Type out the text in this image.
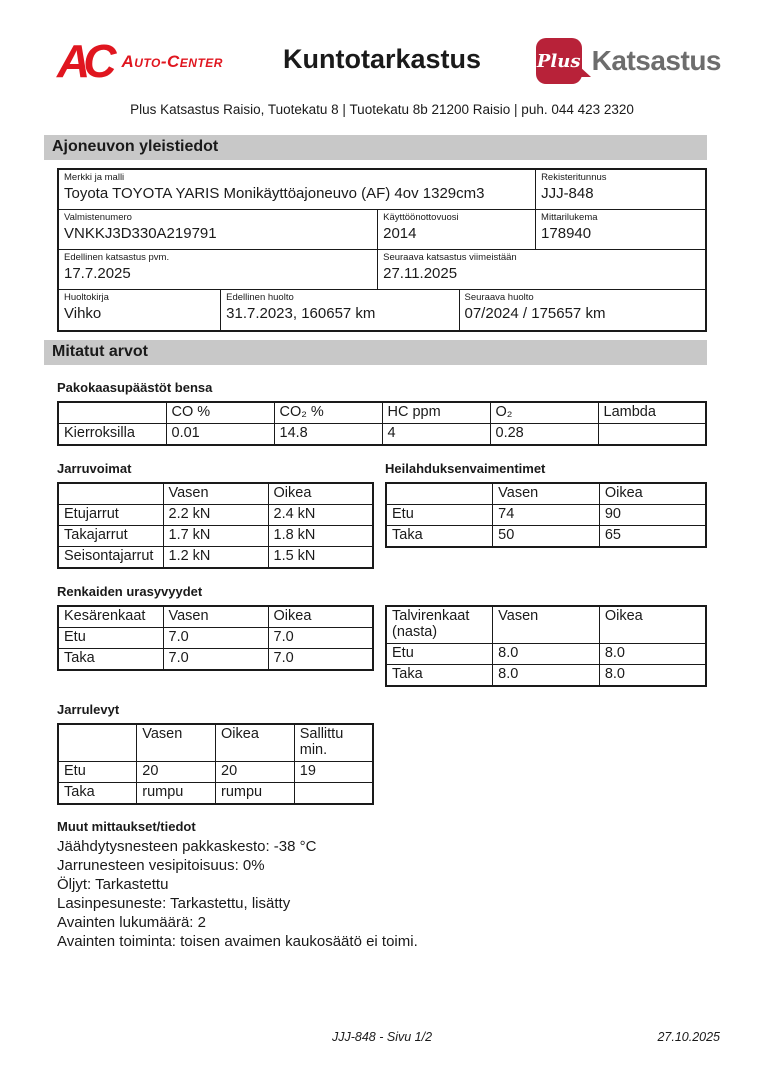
AC Auto-Center Kuntotarkastus	Plus Katsastus
Plus Katsastus Raisio, Tuotekatu 8 | Tuotekatu 8b 21200 Raisio | puh. 044 423 2320
Ajoneuvon yleistiedot
Merkki ja malli
Toyota TOYOTA YARIS Monikäyttöajoneuvo (AF) 4ov 1329cm3
Rekisteritunnus
JJJ-848
Valmistenumero
VNKKJ3D330A219791
Käyttöönottovuosi
2014
Mittarilukema
178940
Edellinen katsastus pvm.
17.7.2025
Seuraava katsastus viimeistään
27.11.2025
Huoltokirja
Vihko
Edellinen huolto
31.7.2023, 160657 km
Seuraava huolto
07/2024 / 175657 km
Mitatut arvot
Pakokaasupäästöt bensa
	CO %	CO₂ %	HC ppm	O₂	Lambda
Kierroksilla	0.01	14.8	4	0.28	
Jarruvoimat
	Vasen	Oikea
Etujarrut	2.2 kN	2.4 kN
Takajarrut	1.7 kN	1.8 kN
Seisontajarrut	1.2 kN	1.5 kN
Heilahduksenvaimentimet
	Vasen	Oikea
Etu	74	90
Taka	50	65
Renkaiden urasyvyydet
Kesärenkaat	Vasen	Oikea
Etu	7.0	7.0
Taka	7.0	7.0
Talvirenkaat (nasta)	Vasen	Oikea
Etu	8.0	8.0
Taka	8.0	8.0
Jarrulevyt
	Vasen	Oikea	Sallittu min.
Etu	20	20	19
Taka	rumpu	rumpu	
Muut mittaukset/tiedot
Jäähdytysnesteen pakkaskesto: -38 °C
Jarrunesteen vesipitoisuus: 0%
Öljyt: Tarkastettu
Lasinpesuneste: Tarkastettu, lisätty
Avainten lukumäärä: 2
Avainten toiminta: toisen avaimen kaukosäätö ei toimi.
JJJ-848 - Sivu 1/2	27.10.2025
